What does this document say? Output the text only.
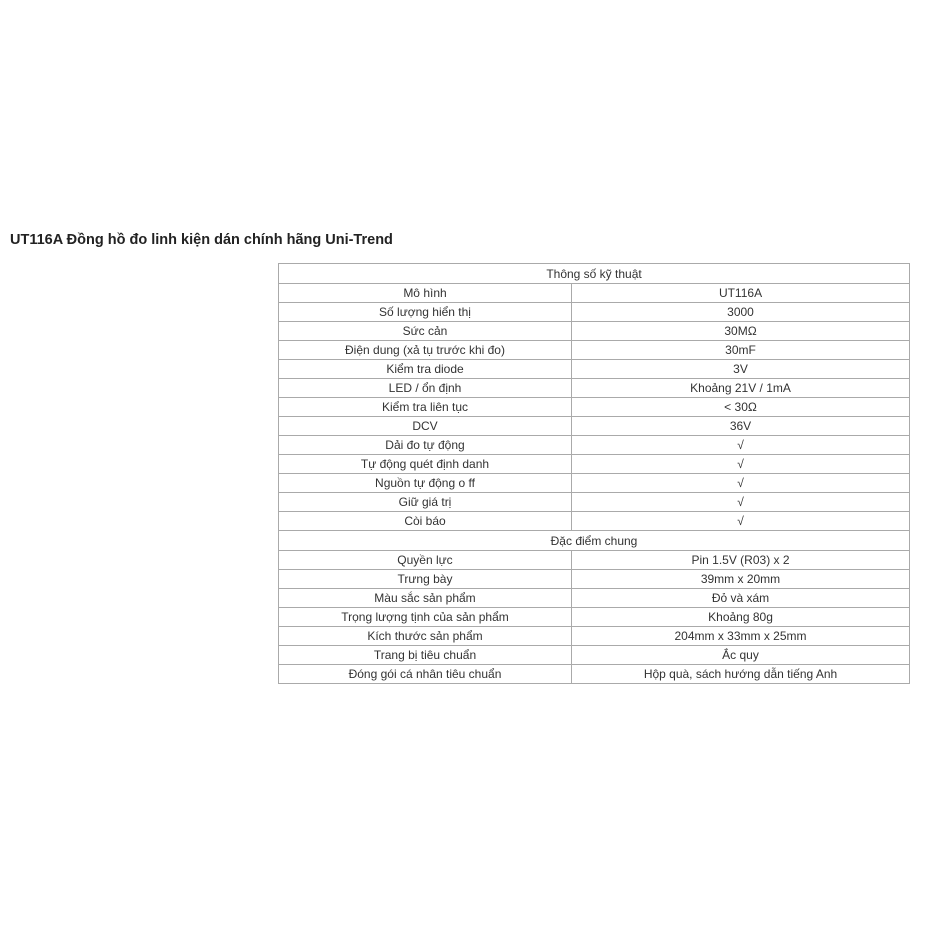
UT116A Đồng hồ đo linh kiện dán chính hãng Uni-Trend
Thông số kỹ thuật	
Mô hình	UT116A
Số lượng hiển thị	3000
Sức cản	30MΩ
Điện dung (xả tụ trước khi đo)	30mF
Kiểm tra diode	3V
LED / ổn định	Khoảng 21V / 1mA
Kiểm tra liên tục	< 30Ω
DCV	36V
Dải đo tự động	√
Tự động quét định danh	√
Nguồn tự động o ff	√
Giữ giá trị	√
Còi báo	√
Đặc điểm chung	
Quyền lực	Pin 1.5V (R03) x 2
Trưng bày	39mm x 20mm
Màu sắc sản phẩm	Đỏ và xám
Trọng lượng tịnh của sản phẩm	Khoảng 80g
Kích thước sản phẩm	204mm x 33mm x 25mm
Trang bị tiêu chuẩn	Ắc quy
Đóng gói cá nhân tiêu chuẩn	Hộp quà, sách hướng dẫn tiếng Anh
